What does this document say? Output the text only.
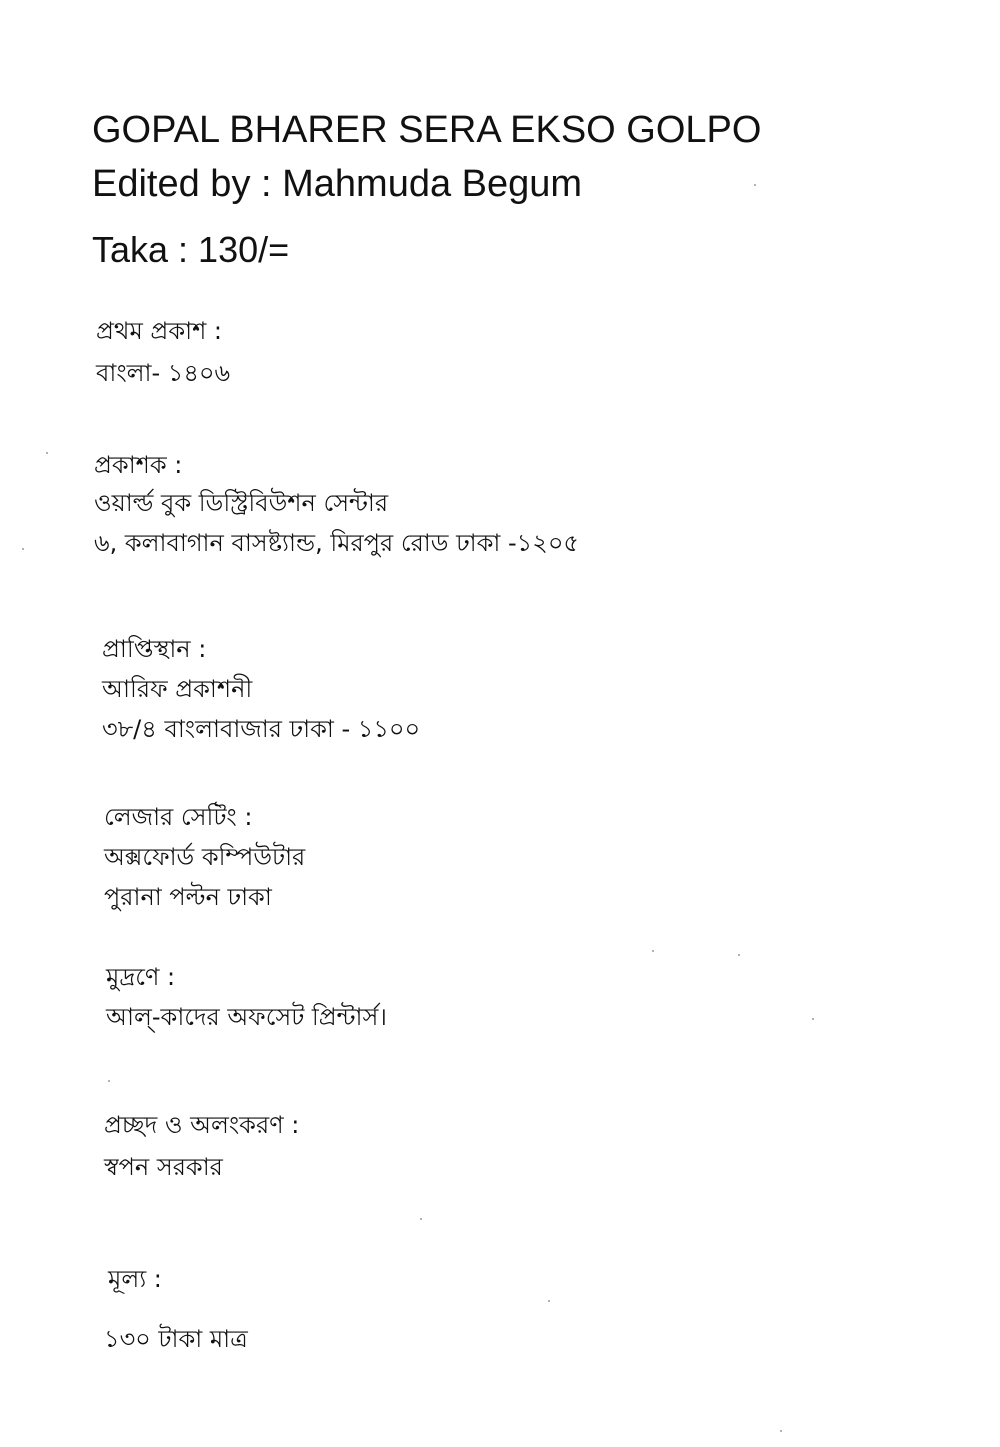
GOPAL BHARER SERA EKSO GOLPO
Edited by : Mahmuda Begum
Taka : 130/=
প্রথম প্রকাশ :
বাংলা- ১৪০৬
প্রকাশক :
ওয়ার্ল্ড বুক ডিস্ট্রিবিউশন সেন্টার
৬, কলাবাগান বাসষ্ট্যান্ড, মিরপুর রোড ঢাকা -১২০৫
প্রাপ্তিস্থান :
আরিফ প্রকাশনী
৩৮/৪ বাংলাবাজার ঢাকা - ১১০০
লেজার সেটিং :
অক্সফোর্ড কম্পিউটার
পুরানা পল্টন ঢাকা
মুদ্রণে :
আল্-কাদের অফসেট প্রিন্টার্স।
প্রচ্ছদ ও অলংকরণ :
স্বপন সরকার
মূল্য :
১৩০ টাকা মাত্র
